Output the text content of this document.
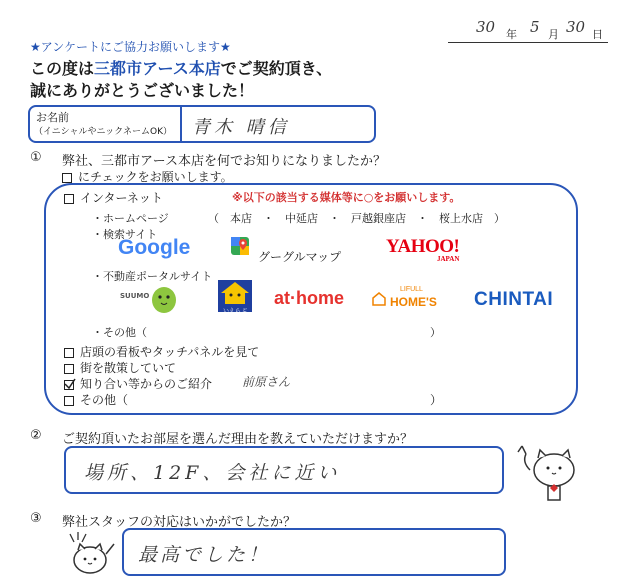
30 年 5 月 30 日
★アンケートにご協力お願いします★
この度は三都市アース本店でご契約頂き、
誠にありがとうございました！
お名前
（イニシャルやニックネームOK） 青木 晴信
① 弊社、三都市アース本店を何でお知りになりましたか？
にチェックをお願いします。
インターネット	※以下の該当する媒体等に○をお願いします。
・ホームページ	（　本店　・　中延店　・　戸越銀座店　・　桜上水店　）
・検索サイト
Google	グーグルマップ YAHOO!
JAPAN
・不動産ポータルサイト
SUUMO
いえらぶ
at·home	LIFULL
HOME'S CHINTAI
・その他（	）
店頭の看板やタッチパネルを見て
街を散策していて
知り合い等からのご紹介 前原さん
その他（	）
② ご契約頂いたお部屋を選んだ理由を教えていただけますか？
場所、12F、会社に近い
③ 弊社スタッフの対応はいかがでしたか？
最高でした！
